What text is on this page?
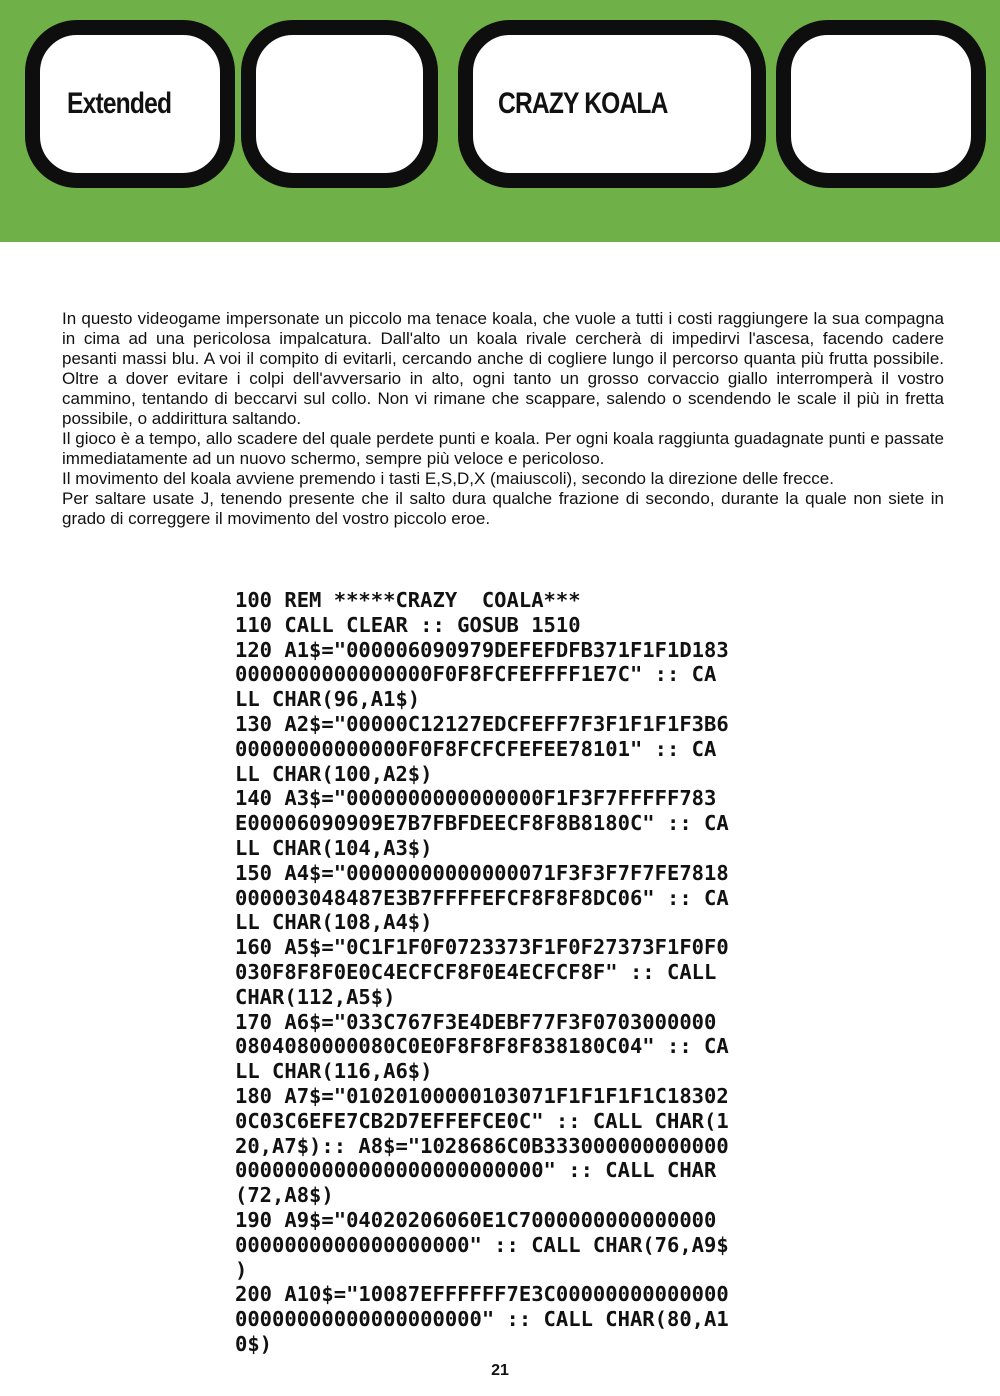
Extended	CRAZY KOALA

In questo videogame impersonate un piccolo ma tenace koala, che vuole a tutti i costi raggiungere la sua compagna in cima ad una pericolosa impalcatura. Dall'alto un koala rivale cercherà di impedirvi l'ascesa, facendo cadere pesanti massi blu. A voi il compito di evitarli, cercando anche di cogliere lungo il percorso quanta più frutta possibile. Oltre a dover evitare i colpi dell'avversario in alto, ogni tanto un grosso corvaccio giallo interromperà il vostro cammino, tentando di beccarvi sul collo. Non vi rimane che scappare, salendo o scendendo le scale il più in fretta possibile, o addirittura saltando.

Il gioco è a tempo, allo scadere del quale perdete punti e koala. Per ogni koala raggiunta guadagnate punti e passate immediatamente ad un nuovo schermo, sempre più veloce e pericoloso.

Il movimento del koala avviene premendo i tasti E,S,D,X (maiuscoli), secondo la direzione delle frecce.

Per saltare usate J, tenendo presente che il salto dura qualche frazione di secondo, durante la quale non siete in grado di correggere il movimento del vostro piccolo eroe.

100 REM *****CRAZY  COALA***
110 CALL CLEAR :: GOSUB 1510
120 A1$="000006090979DEFEFDFB371F1F1D183
0000000000000000F0F8FCFEFFFF1E7C" :: CA
LL CHAR(96,A1$)
130 A2$="00000C12127EDCFEFF7F3F1F1F1F3B6
00000000000000F0F8FCFCFEFEE78101" :: CA
LL CHAR(100,A2$)
140 A3$="0000000000000000F1F3F7FFFFF783
E00006090909E7B7FBFDEECF8F8B8180C" :: CA
LL CHAR(104,A3$)
150 A4$="00000000000000071F3F3F7F7FE7818
000003048487E3B7FFFFEFCF8F8F8DC06" :: CA
LL CHAR(108,A4$)
160 A5$="0C1F1F0F0723373F1F0F27373F1F0F0
030F8F8F0E0C4ECFCF8F0E4ECFCF8F" :: CALL
CHAR(112,A5$)
170 A6$="033C767F3E4DEBF77F3F0703000000
0804080000080C0E0F8F8F8F838180C04" :: CA
LL CHAR(116,A6$)
180 A7$="01020100000103071F1F1F1F1C18302
0C03C6EFE7CB2D7EFFEFCE0C" :: CALL CHAR(1
20,A7$):: A8$="1028686C0B333000000000000
0000000000000000000000000" :: CALL CHAR
(72,A8$)
190 A9$="04020206060E1C7000000000000000
0000000000000000000" :: CALL CHAR(76,A9$
)
200 A10$="10087EFFFFFF7E3C00000000000000
00000000000000000000" :: CALL CHAR(80,A1
0$)
21
